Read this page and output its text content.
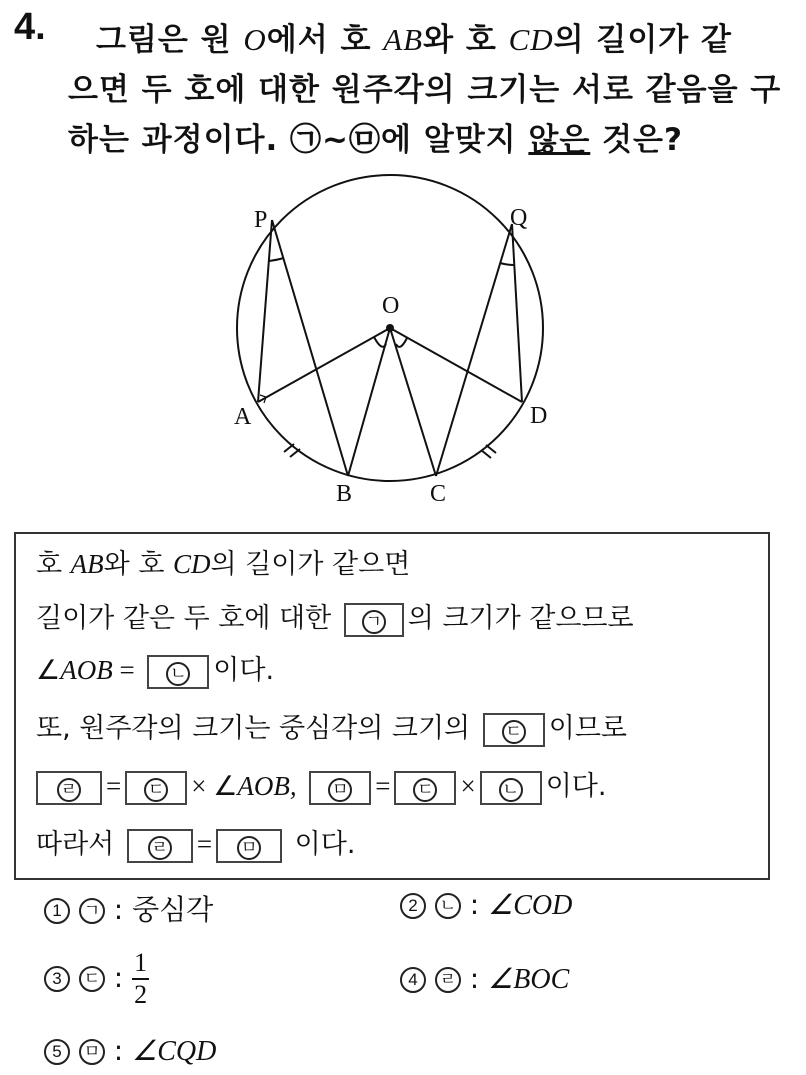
4. 그림은 원 O에서 호 AB와 호 CD의 길이가 같
으면 두 호에 대한 원주각의 크기는 서로 같음을 구
하는 과정이다. ㉠~㉤에 알맞지 않은 것은?
P	Q
O
A
B	C
D
호 AB와 호 CD의 길이가 같으면
길이가 같은 두 호에 대한 ㄱ 의 크기가 같으므로
∠AOB = ㄴ 이다.
또, 원주각의 크기는 중심각의 크기의 ㄷ 이므로
ㄹ = ㄷ × ∠AOB, ㅁ = ㄷ × ㄴ 이다.
따라서 ㄹ = ㅁ 이다.
1 ㄱ : 중심각	2 ㄴ : ∠COD
3 ㄷ : $\frac{1}{2}$	4 ㄹ : ∠BOC
5 ㅁ : ∠CQD
